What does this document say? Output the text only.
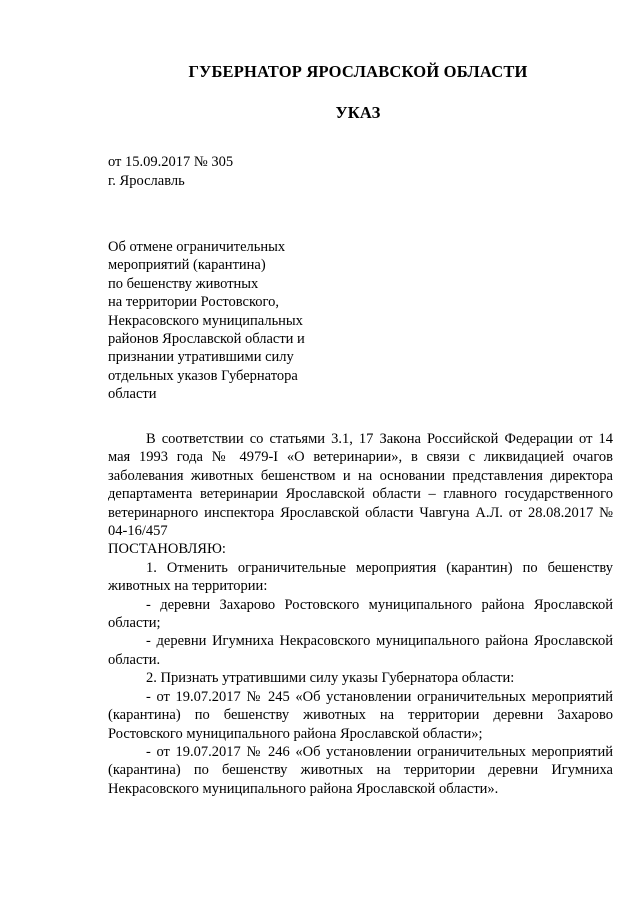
ГУБЕРНАТОР ЯРОСЛАВСКОЙ ОБЛАСТИ
УКАЗ
от 15.09.2017 № 305
г. Ярославль
Об отмене ограничительных
мероприятий (карантина)
по бешенству животных
на территории Ростовского,
Некрасовского муниципальных
районов Ярославской области и
признании утратившими силу
отдельных указов Губернатора
области
В соответствии со статьями 3.1, 17 Закона Российской Федерации от 14 мая 1993 года № 4979-I «О ветеринарии», в связи с ликвидацией очагов заболевания животных бешенством и на основании представления директора департамента ветеринарии Ярославской области – главного государственного ветеринарного инспектора Ярославской области Чавгуна А.Л. от 28.08.2017 № 04-16/457
ПОСТАНОВЛЯЮ:
1. Отменить ограничительные мероприятия (карантин) по бешенству животных на территории:
- деревни Захарово Ростовского муниципального района Ярославской области;
- деревни Игумниха Некрасовского муниципального района Ярославской области.
2. Признать утратившими силу указы Губернатора области:
- от 19.07.2017 № 245 «Об установлении ограничительных мероприятий (карантина) по бешенству животных на территории деревни Захарово Ростовского муниципального района Ярославской области»;
- от 19.07.2017 № 246 «Об установлении ограничительных мероприятий (карантина) по бешенству животных на территории деревни Игумниха Некрасовского муниципального района Ярославской области».
